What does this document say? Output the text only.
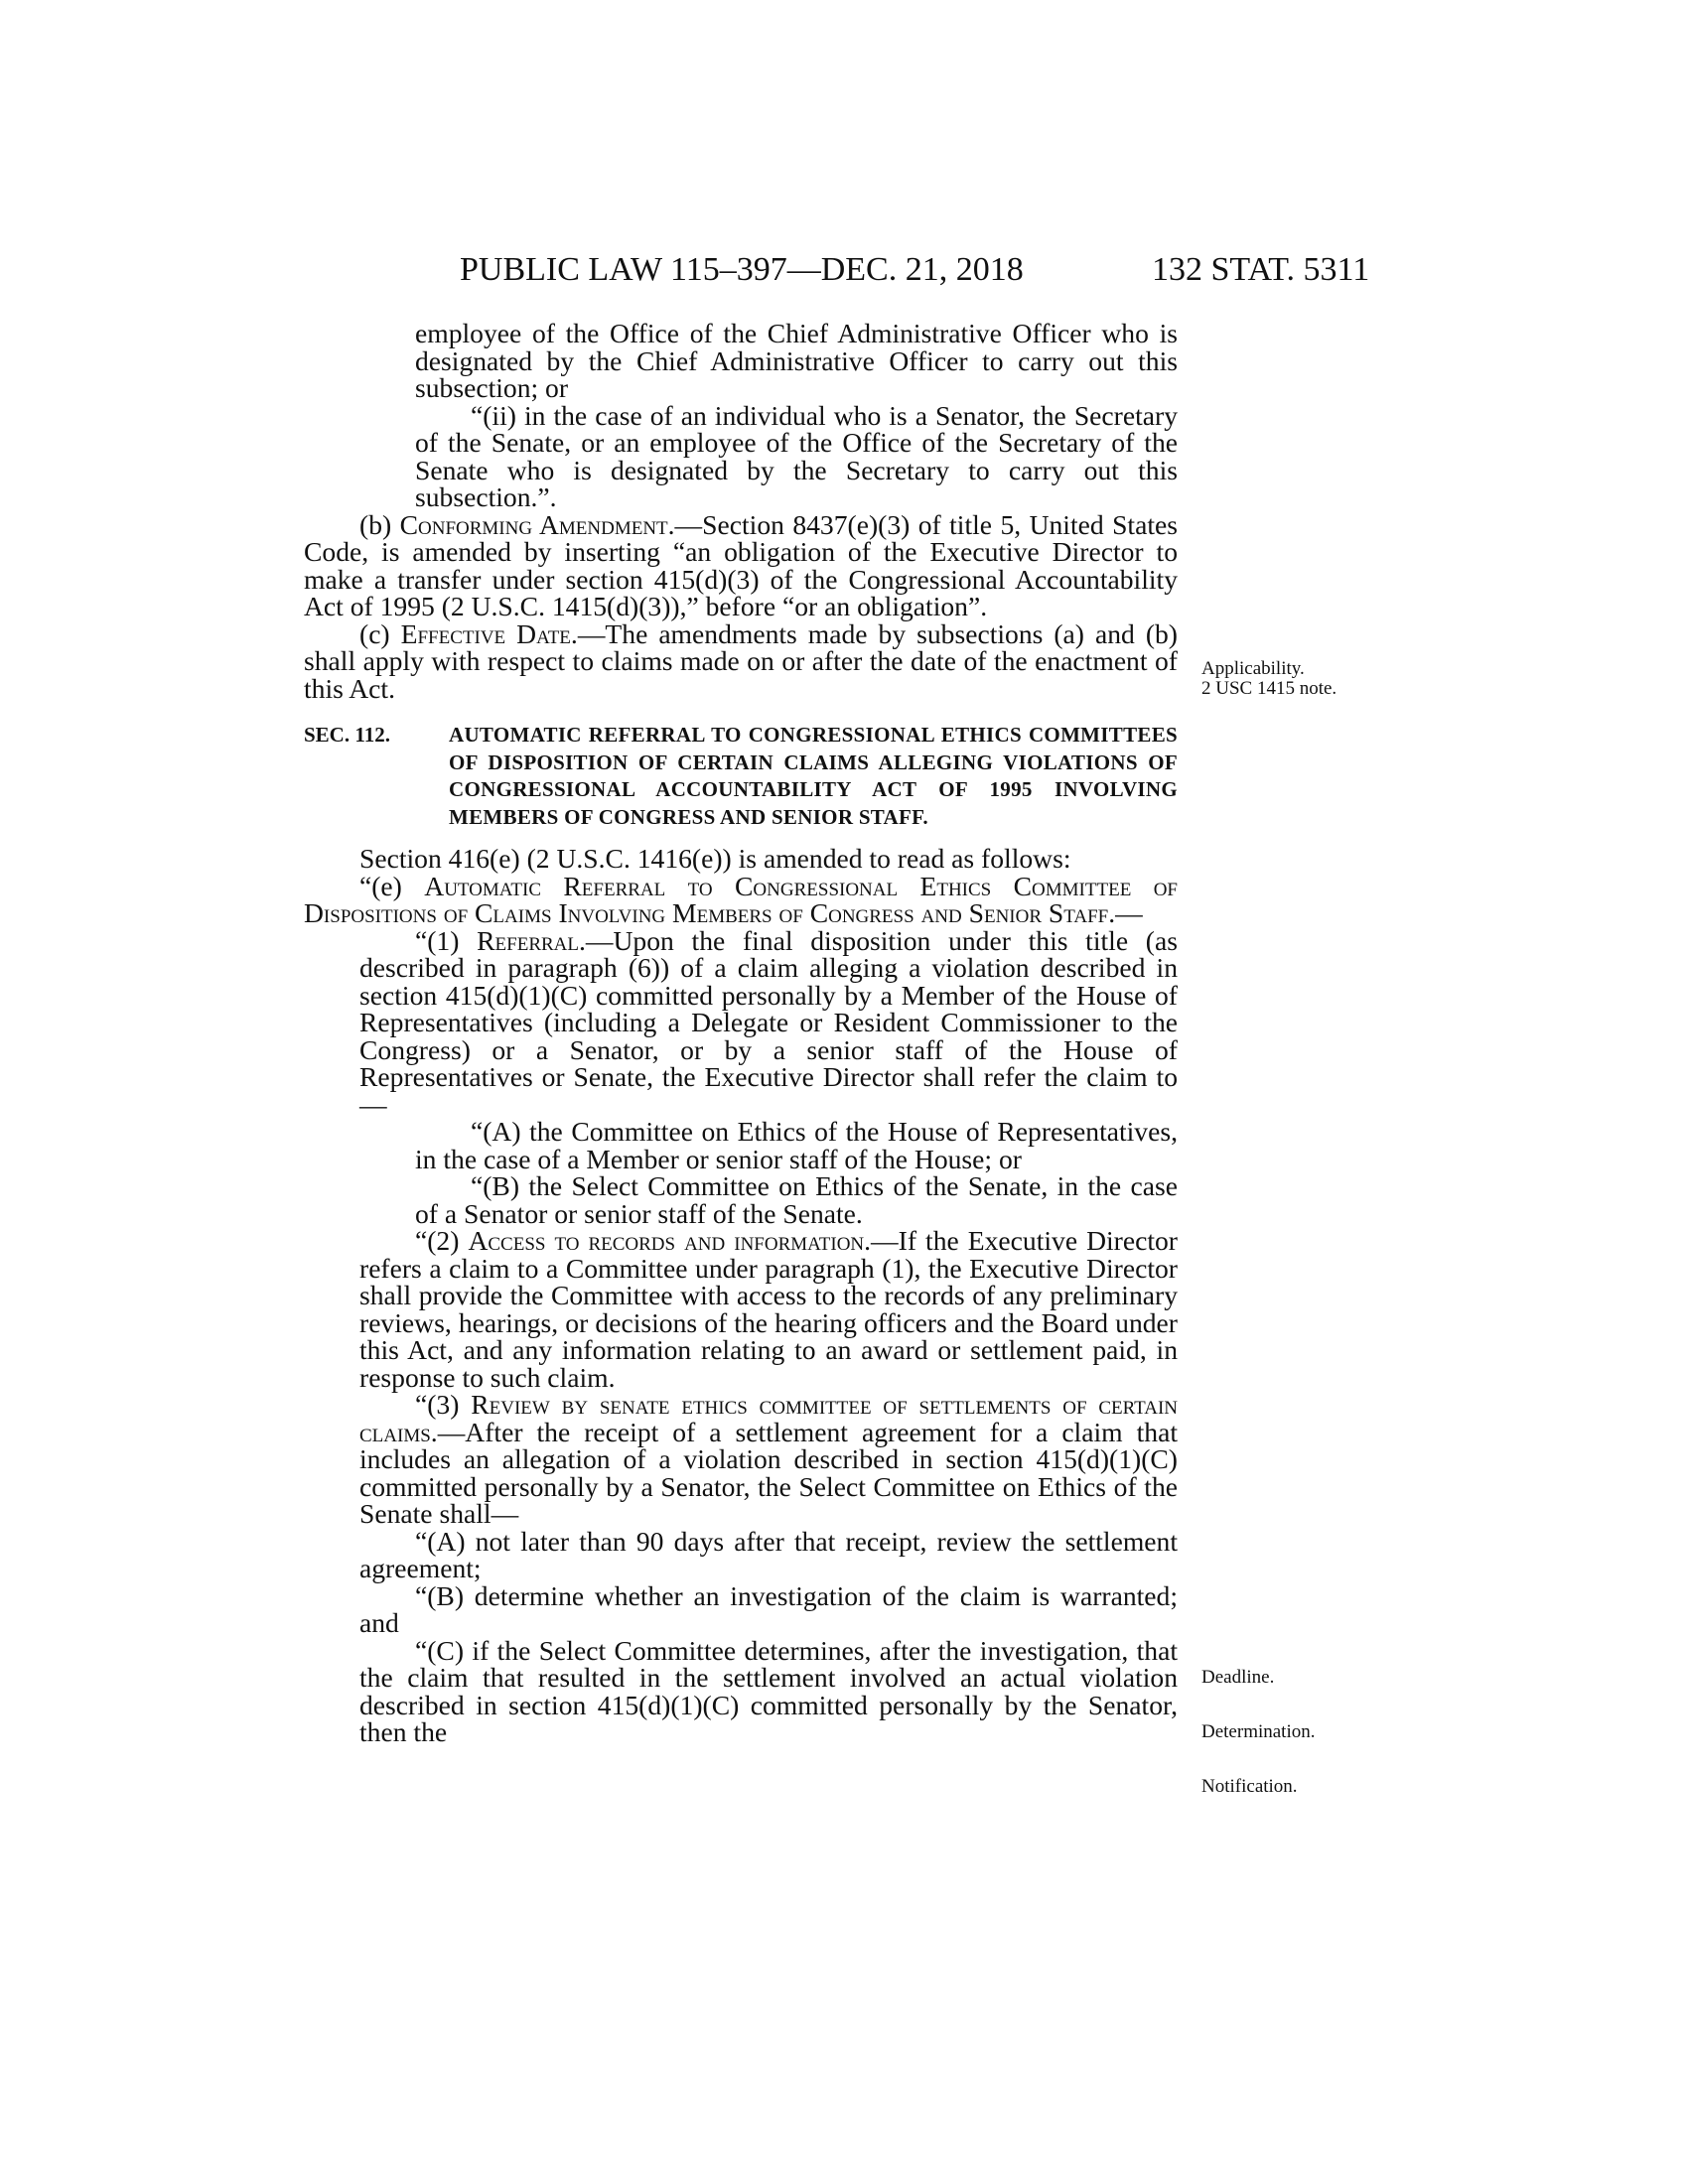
PUBLIC LAW 115–397—DEC. 21, 2018	132 STAT. 5311

employee of the Office of the Chief Administrative Officer who is designated by the Chief Administrative Officer to carry out this subsection; or

“(ii) in the case of an individual who is a Senator, the Secretary of the Senate, or an employee of the Office of the Secretary of the Senate who is designated by the Secretary to carry out this subsection.”.

(b) Conforming Amendment.—Section 8437(e)(3) of title 5, United States Code, is amended by inserting “an obligation of the Executive Director to make a transfer under section 415(d)(3) of the Congressional Accountability Act of 1995 (2 U.S.C. 1415(d)(3)),” before “or an obligation”.

(c) Effective Date.—The amendments made by subsections (a) and (b) shall apply with respect to claims made on or after the date of the enactment of this Act.

SEC. 112.	AUTOMATIC REFERRAL TO CONGRESSIONAL ETHICS COMMITTEES OF DISPOSITION OF CERTAIN CLAIMS ALLEGING VIOLATIONS OF CONGRESSIONAL ACCOUNTABILITY ACT OF 1995 INVOLVING MEMBERS OF CONGRESS AND SENIOR STAFF.

Section 416(e) (2 U.S.C. 1416(e)) is amended to read as follows:

“(e) Automatic Referral to Congressional Ethics Committee of Dispositions of Claims Involving Members of Congress and Senior Staff.—

“(1) Referral.—Upon the final disposition under this title (as described in paragraph (6)) of a claim alleging a violation described in section 415(d)(1)(C) committed personally by a Member of the House of Representatives (including a Delegate or Resident Commissioner to the Congress) or a Senator, or by a senior staff of the House of Representatives or Senate, the Executive Director shall refer the claim to—

“(A) the Committee on Ethics of the House of Representatives, in the case of a Member or senior staff of the House; or

“(B) the Select Committee on Ethics of the Senate, in the case of a Senator or senior staff of the Senate.

“(2) Access to records and information.—If the Executive Director refers a claim to a Committee under paragraph (1), the Executive Director shall provide the Committee with access to the records of any preliminary reviews, hearings, or decisions of the hearing officers and the Board under this Act, and any information relating to an award or settlement paid, in response to such claim.

“(3) Review by senate ethics committee of settlements of certain claims.—After the receipt of a settlement agreement for a claim that includes an allegation of a violation described in section 415(d)(1)(C) committed personally by a Senator, the Select Committee on Ethics of the Senate shall—

“(A) not later than 90 days after that receipt, review the settlement agreement;

“(B) determine whether an investigation of the claim is warranted; and

“(C) if the Select Committee determines, after the investigation, that the claim that resulted in the settlement involved an actual violation described in section 415(d)(1)(C) committed personally by the Senator, then the

Applicability.
2 USC 1415 note.
Deadline.
Determination.
Notification.
